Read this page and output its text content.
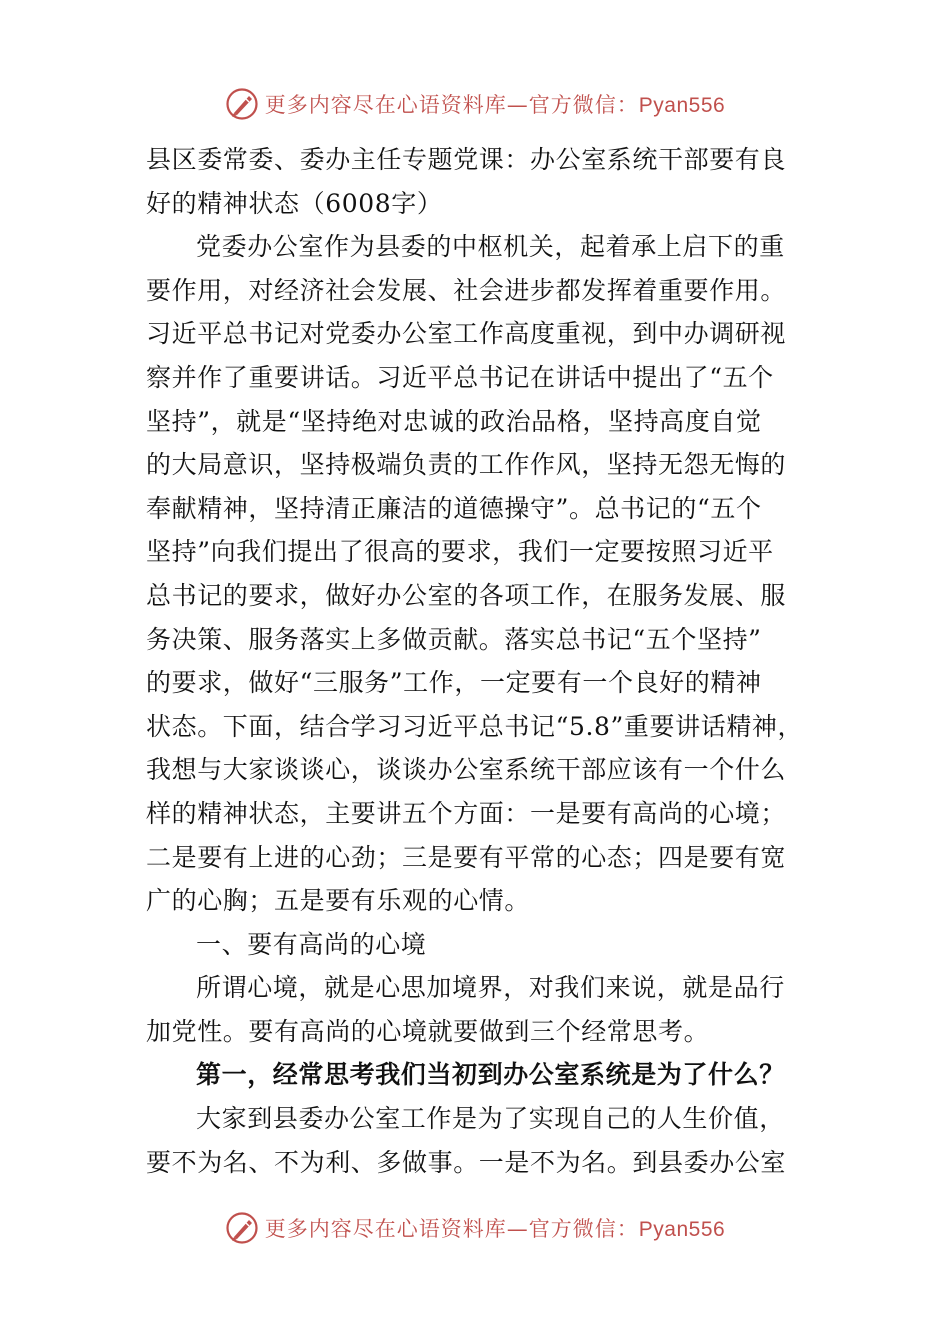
更多内容尽在心语资料库—官方微信：Pyan556
县区委常委、委办主任专题党课：办公室系统干部要有良
好的精神状态（6008字）
党委办公室作为县委的中枢机关，起着承上启下的重
要作用，对经济社会发展、社会进步都发挥着重要作用。
习近平总书记对党委办公室工作高度重视，到中办调研视
察并作了重要讲话。习近平总书记在讲话中提出了“五个
坚持”，就是“坚持绝对忠诚的政治品格，坚持高度自觉
的大局意识，坚持极端负责的工作作风，坚持无怨无悔的
奉献精神，坚持清正廉洁的道德操守”。总书记的“五个
坚持”向我们提出了很高的要求，我们一定要按照习近平
总书记的要求，做好办公室的各项工作，在服务发展、服
务决策、服务落实上多做贡献。落实总书记“五个坚持”
的要求，做好“三服务”工作，一定要有一个良好的精神
状态。下面，结合学习习近平总书记“5.8”重要讲话精神，
我想与大家谈谈心，谈谈办公室系统干部应该有一个什么
样的精神状态，主要讲五个方面：一是要有高尚的心境；
二是要有上进的心劲；三是要有平常的心态；四是要有宽
广的心胸；五是要有乐观的心情。
一、要有高尚的心境
所谓心境，就是心思加境界，对我们来说，就是品行
加党性。要有高尚的心境就要做到三个经常思考。
第一，经常思考我们当初到办公室系统是为了什么？
大家到县委办公室工作是为了实现自己的人生价值，
要不为名、不为利、多做事。一是不为名。到县委办公室
更多内容尽在心语资料库—官方微信：Pyan556
